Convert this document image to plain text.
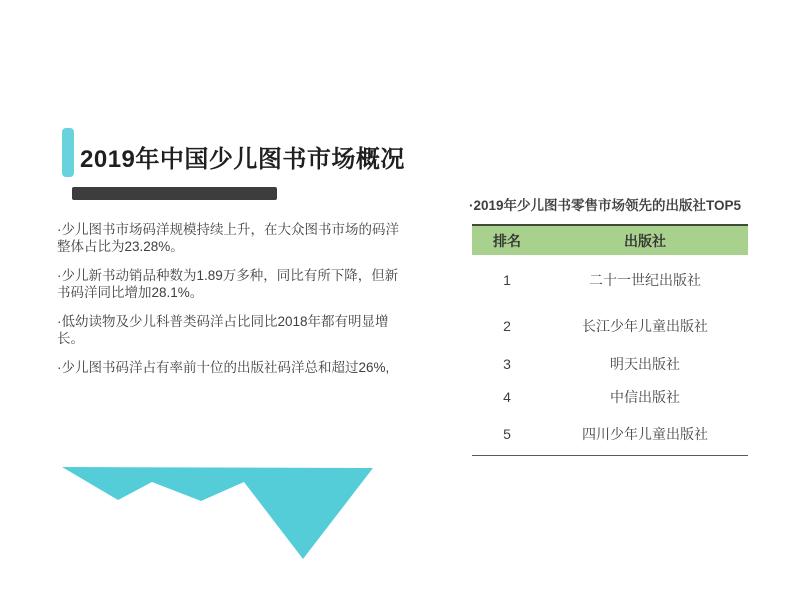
2019年中国少儿图书市场概况

·少儿图书市场码洋规模持续上升，在大众图书市场的码洋整体占比为23.28%。

·少儿新书动销品种数为1.89万多种，同比有所下降，但新书码洋同比增加28.1%。

·低幼读物及少儿科普类码洋占比同比2018年都有明显增长。

·少儿图书码洋占有率前十位的出版社码洋总和超过26%,

·2019年少儿图书零售市场领先的出版社TOP5
排名	出版社
1	二十一世纪出版社
2	长江少年儿童出版社
3	明天出版社
4	中信出版社
5	四川少年儿童出版社
